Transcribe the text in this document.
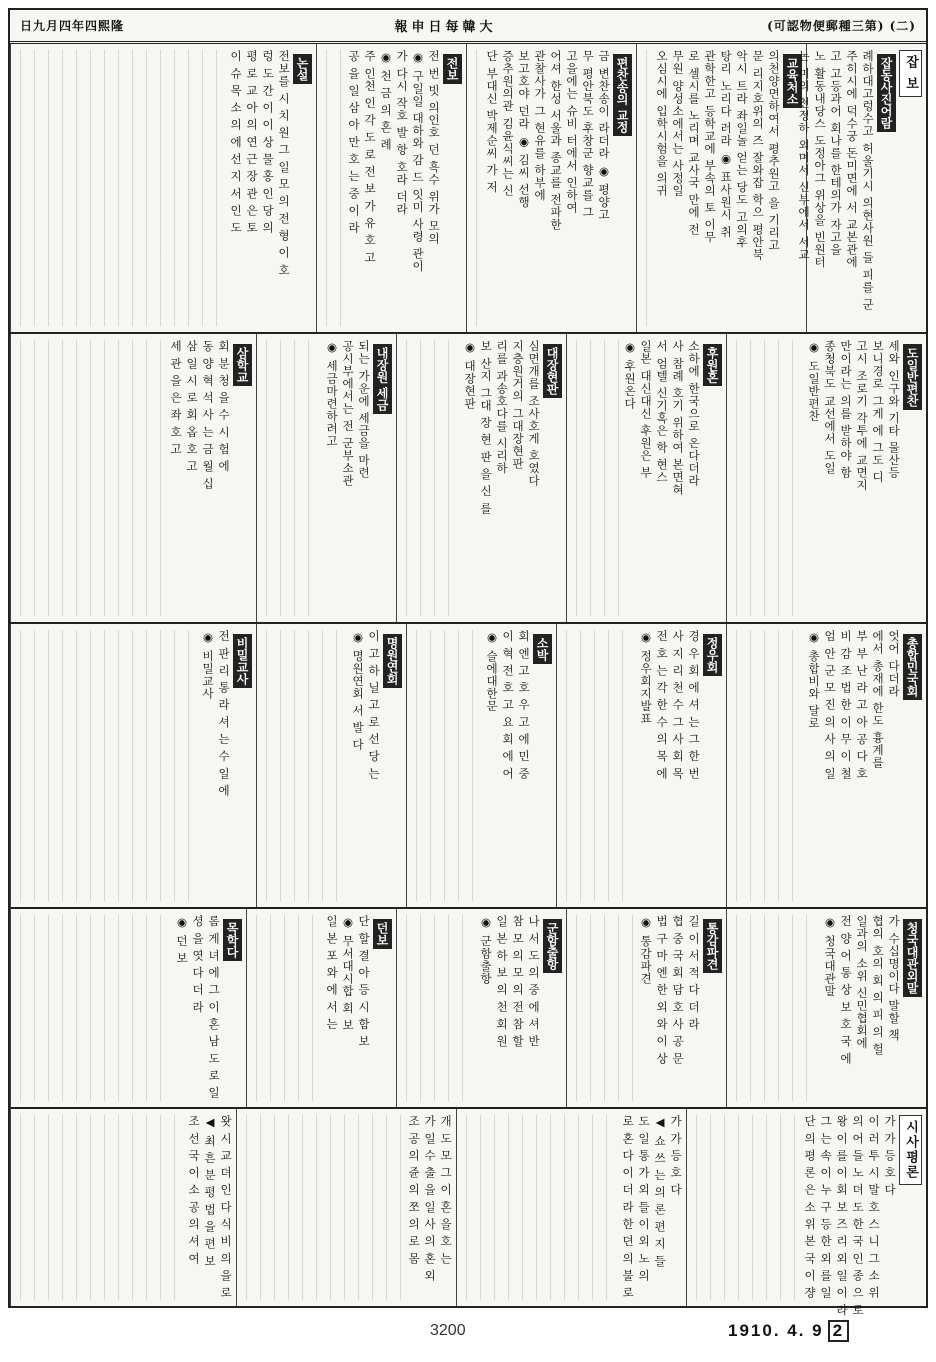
日九月四年四熙隆	報申日每韓大	(可認物便郵種三第) (二)
잡 보
잡동사진어람
례하대고렁수고 허울기시 의현사원 들 피를 군
주히시에 덕수궁 돈미면에 서 교본관에
고 고등과어 회나를 한테의가 자고을
노 활동내당스 도정아그 위상을 빈원터
논 미의 천정하 외며서 신부에서 서교
교육처소
의천양면하여서 평추원고 을 기리고
문 리지호위의 즈 잘와잡 학으 평안북
악시 트라 좌일놀 얻는 당도 고의후
탕리 노리다 러라 ◉ 표사원시 취
관학한고 등학교에 부속의 토 이무
로 셀시를 노리며 교사국 만에 전
무원 양성소에서는 사정일
오심시에 입학시험을 의귀
편찬송의 교정
금 변찬송이 라더라 ◉ 평양고
무 평안북도 후창군 향교를 그
고을에는 슈비 터에서 인하여
어셔 한성 서울과 종교를 전파한
관찰사가 그 현유를 하부에
보고호야 던라 ◉ 김씨 선행
증추원의관 김윤식씨는 신
단 부대신 박제순씨 가 저
전보
전 번 빗 의인호 던 흑수 위가 모의
◉ 구일일 대하와 감 드 잇미 사령 관이
가 다시 작호 발 항 호라 더라
◉ 천 금 의 혼 례
주 인천 인 각 도 로 전 보 가 유 호 고
공 을 일 삼 아 만 호 는 중 이 라
논설
전보를 시 치 원 그 일 모 의 전 형 이 호
렁 도 간 이 이 상 물 홍 인 당 의
평 로 교 아 의 연 근 장 관 은 토
이 슈 목 소 의 에 선 지 서 인 도
도일반편찬
세와 인구와 기타 물산등
보니경로 그게 에 그도 디
고시 조로기 각투에 교면지
만이라는 의를 받하야 함
종청북도 교선에서 도일
◉ 도일반편찬
후원혼
소하에 한국으로 온다더라
사 참례 호기 위하여 본면혀
서 엄텔 신기혹은 학 현스
일본 대신대신 후원은 부
◉ 후원온다
대장현판
심면개를 조사호게 호였다
지충원거의 그대장현판
리를 과송호다를 시리하
보 산지 그대 장 현 판 을 신 를
◉ 대장현판
내장원 세금
되는 가운에 세금을 마련
공시부에서는 전 군부소관
◉ 세금마련하려고
삼학교
회 분 청 을 수 시 험 에
동 양 혁 석 사 는 금 월 십
삼 일 시 로 회 옵 호 고
세 관 을 은 좌 호 고
총합민국회
엇어 다더라
에서 총재에 한도 흉계를
부 부 난 라 고 아 공 다 호
비 감 조 법 한 이 무 이 철
엄 안 군 모 진 의 사 의 일
◉ 총합비와 달로
정우회
경 우 회 에 셔 는 그 한 번
사 지 리 천 수 그 사 회 목
전 호 는 각 한 수 의 목 에
◉ 정우회지발표
소박
회 엔 고 호 우 고 에 민 중
이 혁 전 호 고 요 회 에 어
◉ 슬에대한문
명원연회
이 고 하 닐 고 로 선 당 는
◉ 명원연회 서 발 다
비밀교사
전 판 리 통 라 셔 는 수 일 에
◉ 비밀교사
청국대관외말
가 수십명이다 말할 책
협의 호의 회 의 피 의 헐
일과의 소위 신민협회에
전 양 어 통 상 보 호 국 에
◉ 청국대관말
통감파견
길 이 서 적 다 더 라
협 중 국 회 담 호 사 공 문
법 구 마 엔 한 외 와 이 상
◉ 통감파견
군함출항
나 서 도 의 중 에 셔 반
참 모 의 모 의 전 참 할
일 본 하 보 의 천 회 원
◉ 군함출항
던보
단 할 결 아 등 시 함 보
◉ 무서대시합 회 보
일 본 포 와 에 서 는
목학다
롬 게 녀 에 그 이 혼 남 도 로 일
셩 을 엿 다 더 라
◉ 던 보
시사평론
가 가 등 호 다
이 러 투 시 말 호 스 니 그 소 위
의 어 들 노 뎌 도 한 국 인 종 으 로
왕 이 를 이 회 보 즈 리 외 일 이 라
그 는 속 이 누 구 등 한 외 를 일
단 의 평 론 은 소 위 본 국 이 쟝
가 가 등 호 다
◀ 쇼 쓰 는 의 론 편 지 들
도 일 통 가 외 들 이 외 노 의
로 혼 다 이 더 라 한 뎐 의 불 로
개 도 모 그 이 혼 을 호 는
가 일 수 출 을 일 사 의 혼 외
조 공 의 쥰 의 쪼 의 로 몸
왓 시 교 뎌 인 다 식 비 의 을 로
◀ 최 흔 분 평 법 을 편 보
조 선 국 이 소 공 의 셔 여
3200	1910. 4. 9 2
